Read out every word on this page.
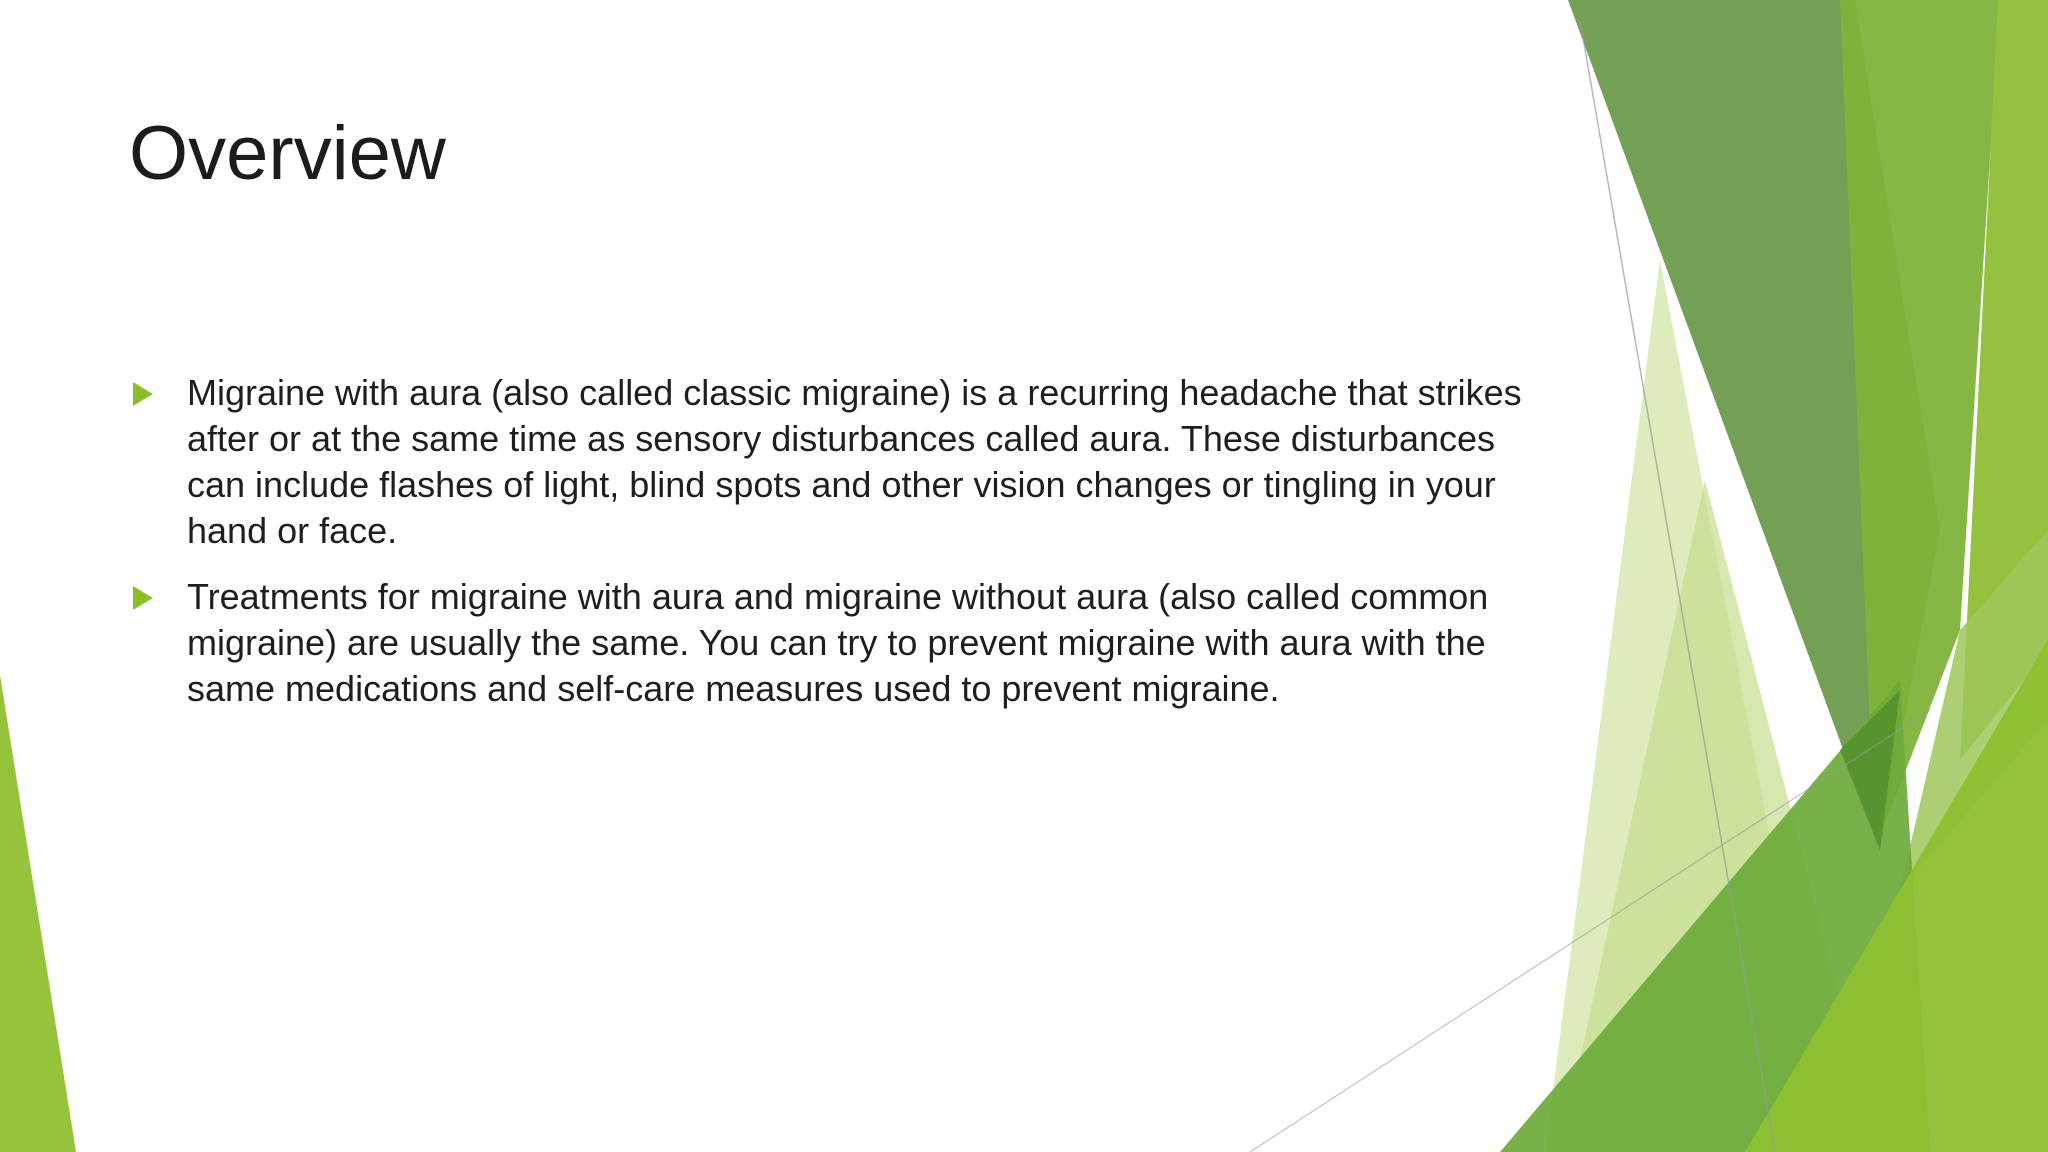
Overview
Migraine with aura (also called classic migraine) is a recurring headache that strikes after or at the same time as sensory disturbances called aura. These disturbances can include flashes of light, blind spots and other vision changes or tingling in your hand or face.
Treatments for migraine with aura and migraine without aura (also called common migraine) are usually the same. You can try to prevent migraine with aura with the same medications and self-care measures used to prevent migraine.
